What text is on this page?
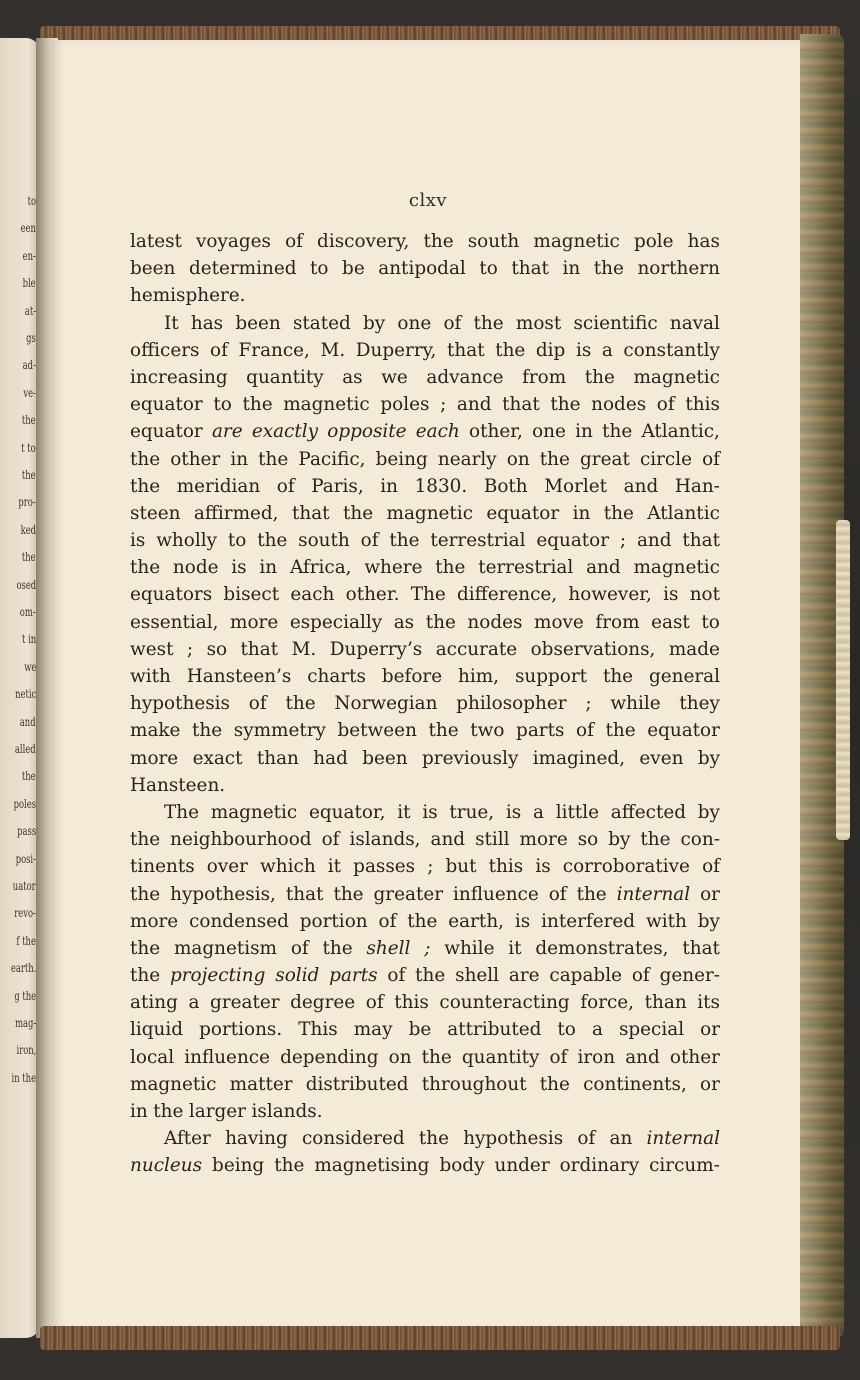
to
een
en-
ble
at-
gs
ad-
ve-
the
t to
the
pro-
ked
the
osed
om-
t in
we
netic
and
alled
the
poles
pass
posi-
uator
revo-
f the
earth.
g the
mag-
iron,
in the
clxv
latest voyages of discovery, the south magnetic pole has
been determined to be antipodal to that in the northern
hemisphere.
It has been stated by one of the most scientific naval
officers of France, M. Duperry, that the dip is a constantly
increasing quantity as we advance from the magnetic
equator to the magnetic poles ; and that the nodes of this
equator are exactly opposite each other, one in the Atlantic,
the other in the Pacific, being nearly on the great circle of
the meridian of Paris, in 1830. Both Morlet and Han-
steen affirmed, that the magnetic equator in the Atlantic
is wholly to the south of the terrestrial equator ; and that
the node is in Africa, where the terrestrial and magnetic
equators bisect each other. The difference, however, is not
essential, more especially as the nodes move from east to
west ; so that M. Duperry’s accurate observations, made
with Hansteen’s charts before him, support the general
hypothesis of the Norwegian philosopher ; while they
make the symmetry between the two parts of the equator
more exact than had been previously imagined, even by
Hansteen.
The magnetic equator, it is true, is a little affected by
the neighbourhood of islands, and still more so by the con-
tinents over which it passes ; but this is corroborative of
the hypothesis, that the greater influence of the internal or
more condensed portion of the earth, is interfered with by
the magnetism of the shell ; while it demonstrates, that
the projecting solid parts of the shell are capable of gener-
ating a greater degree of this counteracting force, than its
liquid portions. This may be attributed to a special or
local influence depending on the quantity of iron and other
magnetic matter distributed throughout the continents, or
in the larger islands.
After having considered the hypothesis of an internal
nucleus being the magnetising body under ordinary circum-
